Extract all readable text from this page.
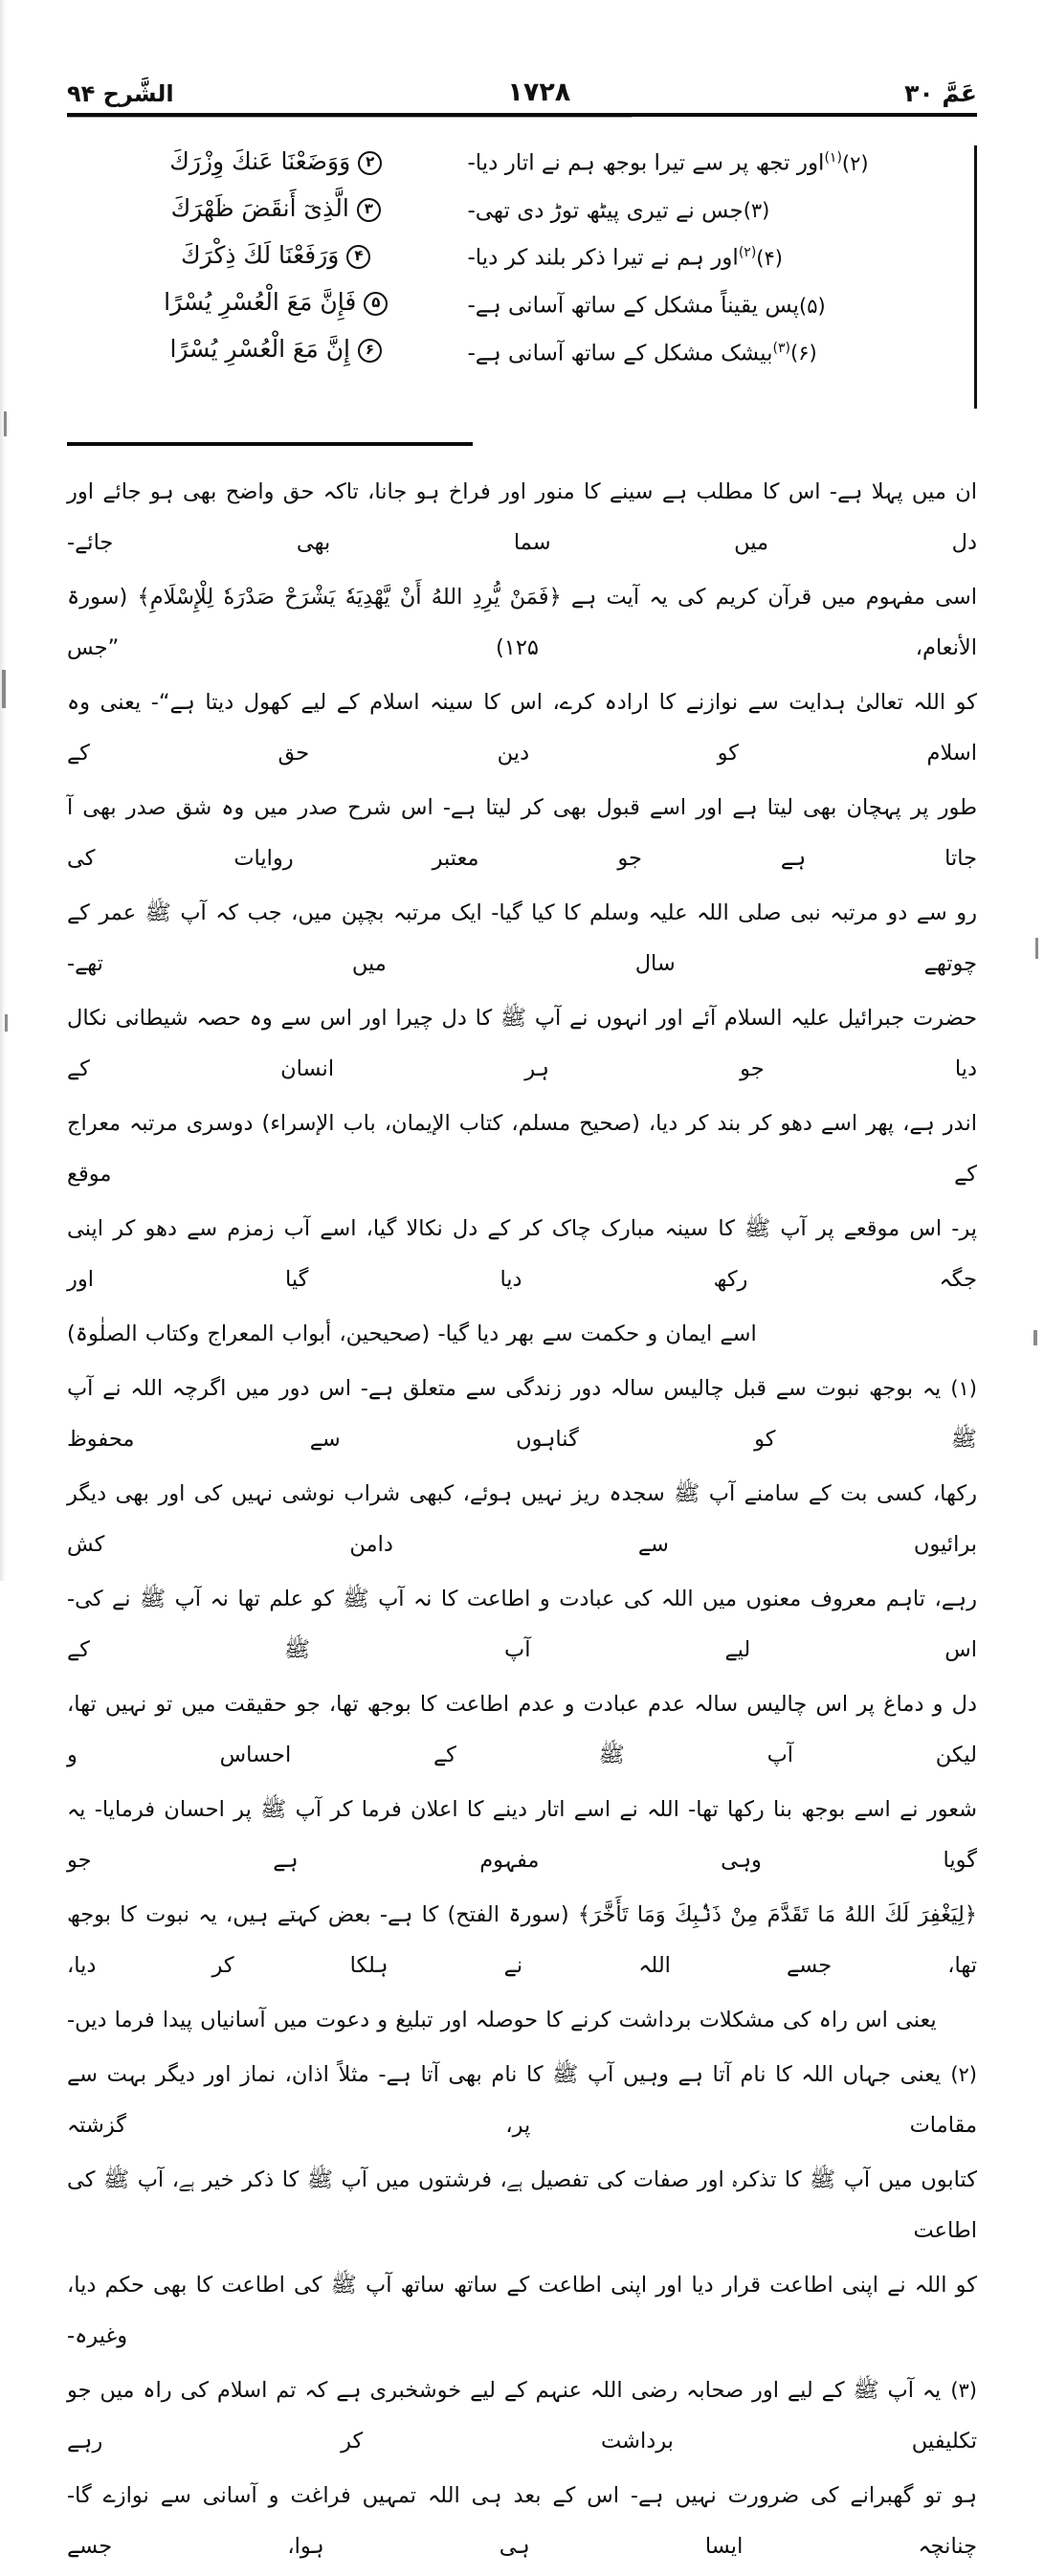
عَمَّ ۳۰
۱۷۲۸
الشَّرح ۹۴
۲وَوَضَعْنَا عَنكَ وِزْرَكَ
۳الَّذِىٓ أَنقَضَ ظَهْرَكَ
۴وَرَفَعْنَا لَكَ ذِكْرَكَ
۵فَإِنَّ مَعَ الْعُسْرِ يُسْرًا
۶إِنَّ مَعَ الْعُسْرِ يُسْرًا
(۲)$^{(۱)}$اور تجھ پر سے تیرا بوجھ ہم نے اتار دیا-
(۳)جس نے تیری پیٹھ توڑ دی تھی-
(۴)$^{(۲)}$اور ہم نے تیرا ذکر بلند کر دیا-
(۵)پس یقیناً مشکل کے ساتھ آسانی ہے-
(۶)$^{(۳)}$بیشک مشکل کے ساتھ آسانی ہے-

ان میں پہلا ہے- اس کا مطلب ہے سینے کا منور اور فراخ ہو جانا، تاکہ حق واضح بھی ہو جائے اور دل میں سما بھی جائے-

اسی مفہوم میں قرآن کریم کی یہ آیت ہے ﴿فَمَنْ يُّرِدِ اللهُ أَنْ يَّهْدِيَهٗ يَشْرَحْ صَدْرَهٗ لِلْإِسْلَامِ﴾ (سورۃ الأنعام، ۱۲۵) ”جس

کو اللہ تعالیٰ ہدایت سے نوازنے کا ارادہ کرے، اس کا سینہ اسلام کے لیے کھول دیتا ہے“- یعنی وہ اسلام کو دین حق کے

طور پر پہچان بھی لیتا ہے اور اسے قبول بھی کر لیتا ہے- اس شرح صدر میں وہ شق صدر بھی آ جاتا ہے جو معتبر روایات کی

رو سے دو مرتبہ نبی صلی اللہ علیہ وسلم کا کیا گیا- ایک مرتبہ بچپن میں، جب کہ آپ ﷺ عمر کے چوتھے سال میں تھے-

حضرت جبرائیل علیہ السلام آئے اور انہوں نے آپ ﷺ کا دل چیرا اور اس سے وہ حصہ شیطانی نکال دیا جو ہر انسان کے

اندر ہے، پھر اسے دھو کر بند کر دیا، (صحیح مسلم، کتاب الإیمان، باب الإسراء) دوسری مرتبہ معراج کے موقع

پر- اس موقعے پر آپ ﷺ کا سینہ مبارک چاک کر کے دل نکالا گیا، اسے آب زمزم سے دھو کر اپنی جگہ رکھ دیا گیا اور

اسے ایمان و حکمت سے بھر دیا گیا- (صحیحین، أبواب المعراج وکتاب الصلٰوۃ)

(۱)یہ بوجھ نبوت سے قبل چالیس سالہ دور زندگی سے متعلق ہے- اس دور میں اگرچہ اللہ نے آپ ﷺ کو گناہوں سے محفوظ

رکھا، کسی بت کے سامنے آپ ﷺ سجدہ ریز نہیں ہوئے، کبھی شراب نوشی نہیں کی اور بھی دیگر برائیوں سے دامن کش

رہے، تاہم معروف معنوں میں اللہ کی عبادت و اطاعت کا نہ آپ ﷺ کو علم تھا نہ آپ ﷺ نے کی- اس لیے آپ ﷺ کے

دل و دماغ پر اس چالیس سالہ عدم عبادت و عدم اطاعت کا بوجھ تھا، جو حقیقت میں تو نہیں تھا، لیکن آپ ﷺ کے احساس و

شعور نے اسے بوجھ بنا رکھا تھا- اللہ نے اسے اتار دینے کا اعلان فرما کر آپ ﷺ پر احسان فرمایا- یہ گویا وہی مفہوم ہے جو

﴿لِيَغْفِرَ لَكَ اللهُ مَا تَقَدَّمَ مِنْ ذَنْۢبِكَ وَمَا تَأَخَّرَ﴾ (سورۃ الفتح) کا ہے- بعض کہتے ہیں، یہ نبوت کا بوجھ تھا، جسے اللہ نے ہلکا کر دیا،

یعنی اس راہ کی مشکلات برداشت کرنے کا حوصلہ اور تبلیغ و دعوت میں آسانیاں پیدا فرما دیں-

(۲)یعنی جہاں اللہ کا نام آتا ہے وہیں آپ ﷺ کا نام بھی آتا ہے- مثلاً اذان، نماز اور دیگر بہت سے مقامات پر، گزشتہ

کتابوں میں آپ ﷺ کا تذکرہ اور صفات کی تفصیل ہے، فرشتوں میں آپ ﷺ کا ذکر خیر ہے، آپ ﷺ کی اطاعت

کو اللہ نے اپنی اطاعت قرار دیا اور اپنی اطاعت کے ساتھ ساتھ آپ ﷺ کی اطاعت کا بھی حکم دیا، وغیرہ-

(۳)یہ آپ ﷺ کے لیے اور صحابہ رضی اللہ عنہم کے لیے خوشخبری ہے کہ تم اسلام کی راہ میں جو تکلیفیں برداشت کر رہے

ہو تو گھبرانے کی ضرورت نہیں ہے- اس کے بعد ہی اللہ تمہیں فراغت و آسانی سے نوازے گا- چنانچہ ایسا ہی ہوا، جسے
